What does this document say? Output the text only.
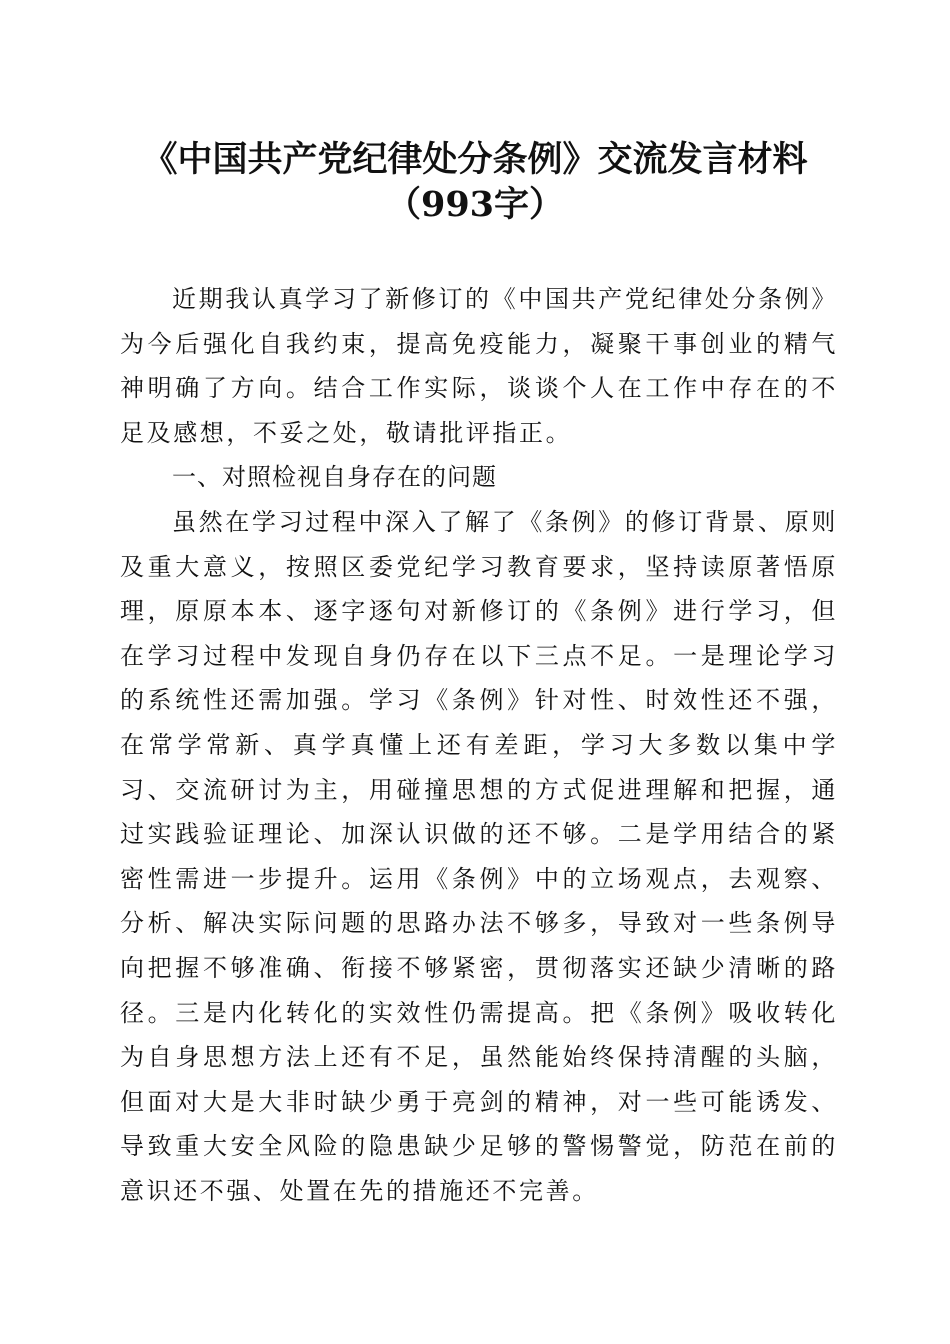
《中国共产党纪律处分条例》交流发言材料
（993字）

近期我认真学习了新修订的《中国共产党纪律处分条例》为今后强化自我约束，提高免疫能力，凝聚干事创业的精气神明确了方向。结合工作实际，谈谈个人在工作中存在的不足及感想，不妥之处，敬请批评指正。

一、对照检视自身存在的问题

虽然在学习过程中深入了解了《条例》的修订背景、原则及重大意义，按照区委党纪学习教育要求，坚持读原著悟原理，原原本本、逐字逐句对新修订的《条例》进行学习，但在学习过程中发现自身仍存在以下三点不足。一是理论学习的系统性还需加强。学习《条例》针对性、时效性还不强，在常学常新、真学真懂上还有差距，学习大多数以集中学习、交流研讨为主，用碰撞思想的方式促进理解和把握，通过实践验证理论、加深认识做的还不够。二是学用结合的紧密性需进一步提升。运用《条例》中的立场观点，去观察、分析、解决实际问题的思路办法不够多，导致对一些条例导向把握不够准确、衔接不够紧密，贯彻落实还缺少清晰的路径。三是内化转化的实效性仍需提高。把《条例》吸收转化为自身思想方法上还有不足，虽然能始终保持清醒的头脑，但面对大是大非时缺少勇于亮剑的精神，对一些可能诱发、导致重大安全风险的隐患缺少足够的警惕警觉，防范在前的意识还不强、处置在先的措施还不完善。
